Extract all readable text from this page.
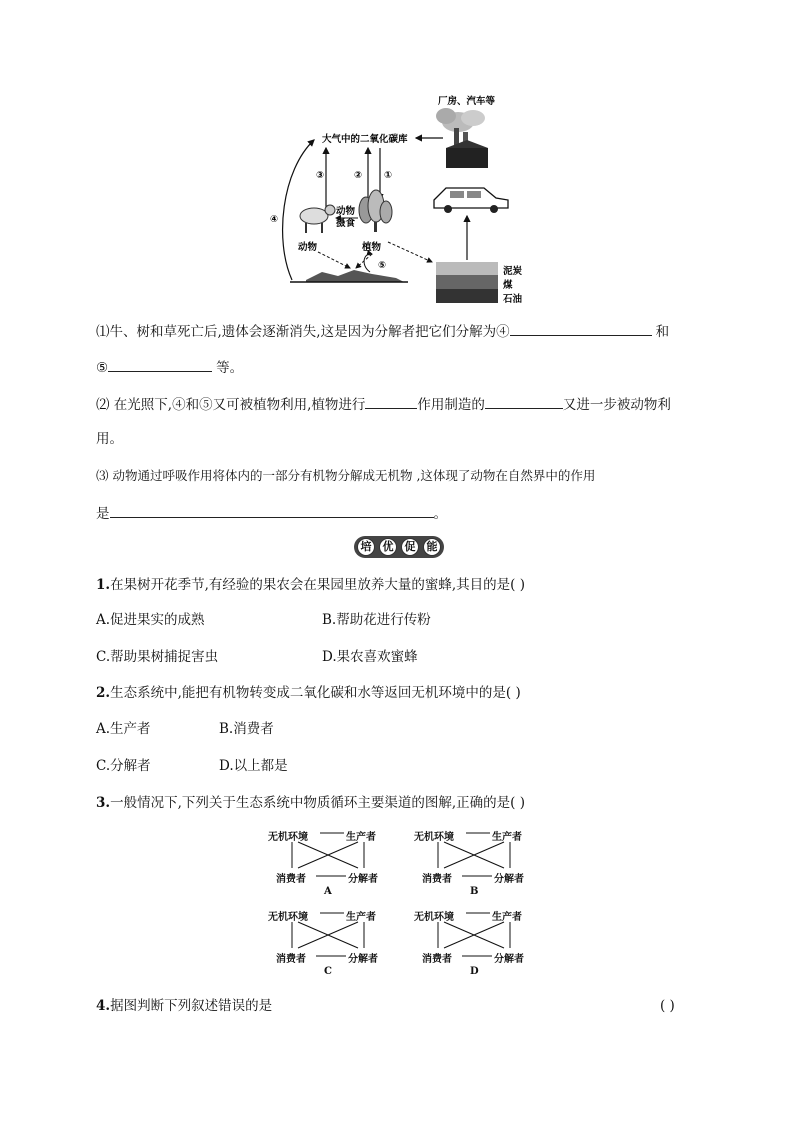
厂房、汽车等
大气中的二氧化碳库
①
②
③
④
动物
摄食
动物	植物
⑤
泥炭
煤
石油
⑴牛、树和草死亡后,遗体会逐渐消失,这是因为分解者把它们分解为④	和
⑤	等。
⑵ 在光照下,④和⑤又可被植物利用,植物进行	作用制造的	又进一步被动物利
用。
⑶ 动物通过呼吸作用将体内的一部分有机物分解成无机物 ,这体现了动物在自然界中的作用
是	。
培	优	促	能
1.在果树开花季节,有经验的果农会在果园里放养大量的蜜蜂,其目的是( )
A.促进果实的成熟	B.帮助花进行传粉
C.帮助果树捕捉害虫	D.果农喜欢蜜蜂
2.生态系统中,能把有机物转变成二氧化碳和水等返回无机环境中的是( )
A.生产者	B.消费者
C.分解者	D.以上都是
3.一般情况下,下列关于生态系统中物质循环主要渠道的图解,正确的是( )
无机环境	生产者
消费者	分解者
A
无机环境	生产者
消费者	分解者
B
无机环境	生产者
消费者	分解者
C
无机环境	生产者
消费者	分解者
D
4.据图判断下列叙述错误的是	( )
